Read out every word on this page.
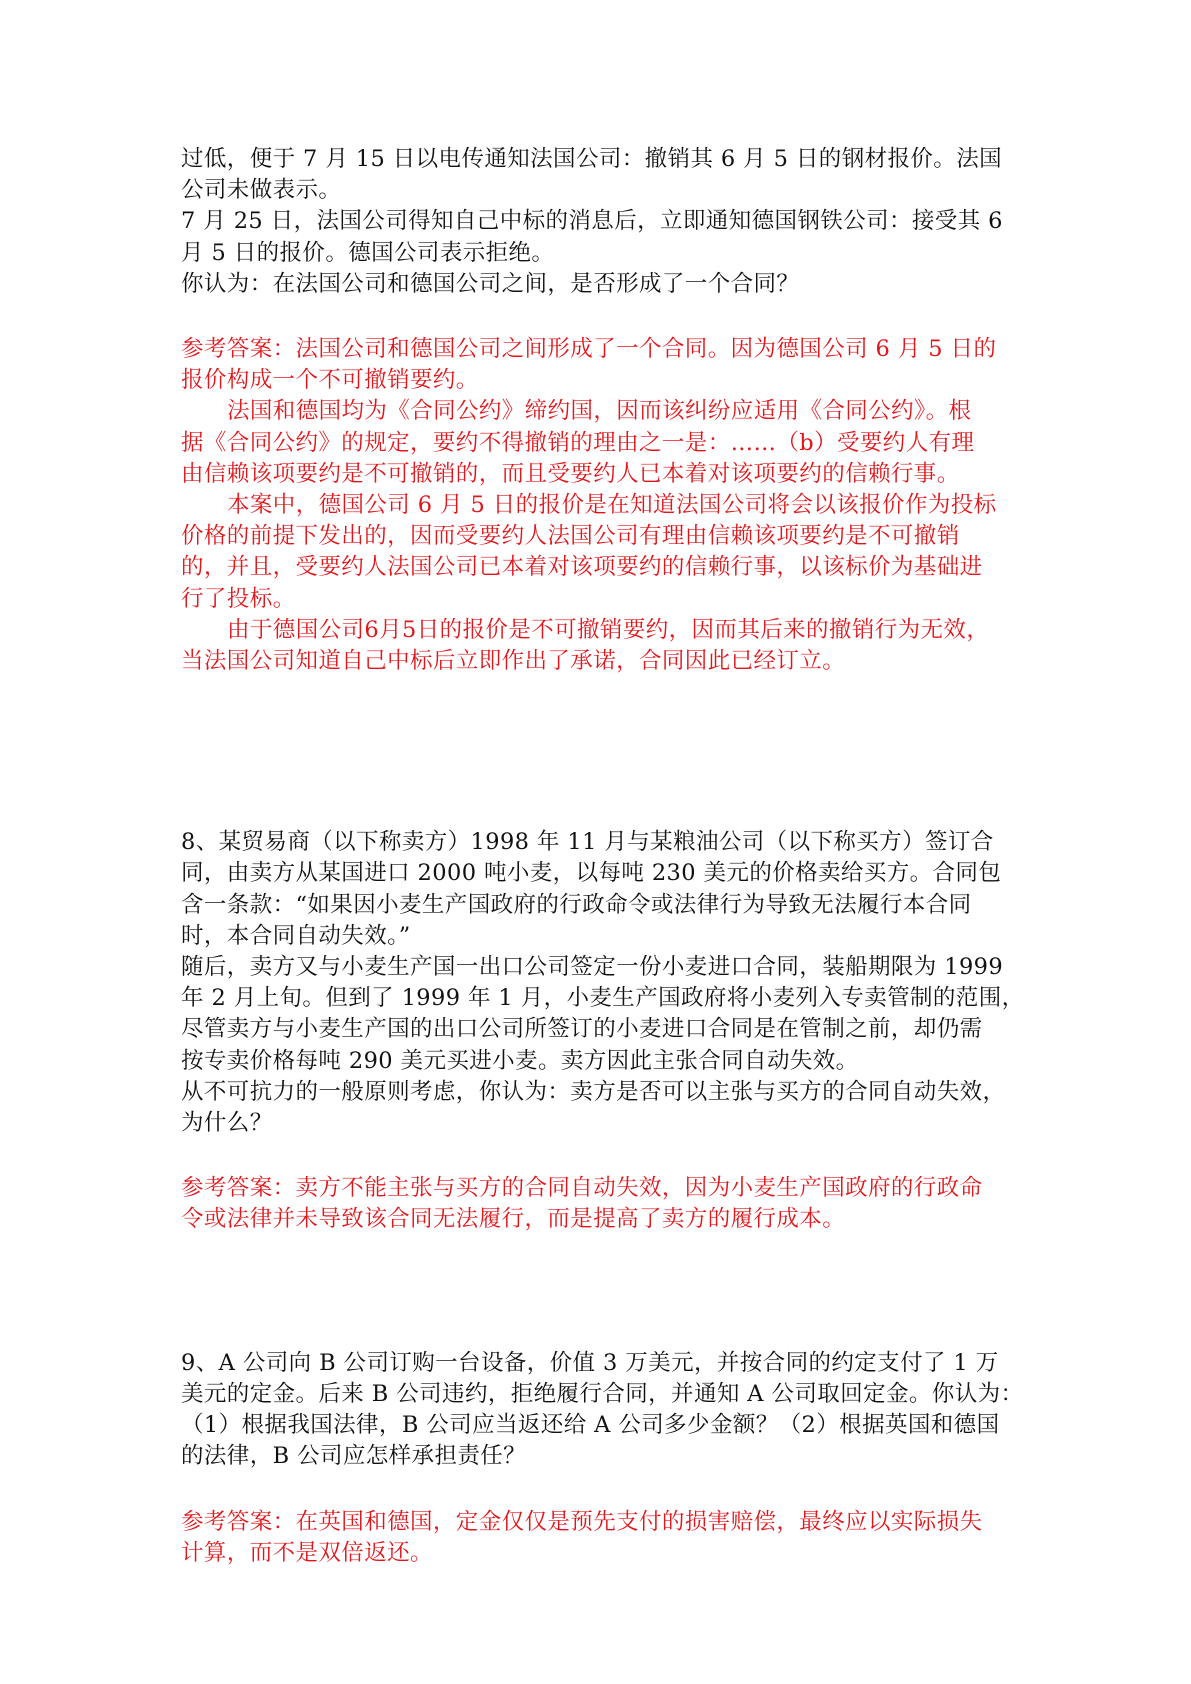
过低，便于 7 月 15 日以电传通知法国公司：撤销其 6 月 5 日的钢材报价。法国
公司未做表示。
7 月 25 日，法国公司得知自己中标的消息后，立即通知德国钢铁公司：接受其 6
月 5 日的报价。德国公司表示拒绝。
你认为：在法国公司和德国公司之间，是否形成了一个合同？
参考答案：法国公司和德国公司之间形成了一个合同。因为德国公司 6 月 5 日的
报价构成一个不可撤销要约。
法国和德国均为《合同公约》缔约国，因而该纠纷应适用《合同公约》。根
据《合同公约》的规定，要约不得撤销的理由之一是：……（b）受要约人有理
由信赖该项要约是不可撤销的，而且受要约人已本着对该项要约的信赖行事。
本案中，德国公司 6 月 5 日的报价是在知道法国公司将会以该报价作为投标
价格的前提下发出的，因而受要约人法国公司有理由信赖该项要约是不可撤销
的，并且，受要约人法国公司已本着对该项要约的信赖行事，以该标价为基础进
行了投标。
由于德国公司6月5日的报价是不可撤销要约，因而其后来的撤销行为无效，
当法国公司知道自己中标后立即作出了承诺，合同因此已经订立。
8、某贸易商（以下称卖方）1998 年 11 月与某粮油公司（以下称买方）签订合
同，由卖方从某国进口 2000 吨小麦，以每吨 230 美元的价格卖给买方。合同包
含一条款：“如果因小麦生产国政府的行政命令或法律行为导致无法履行本合同
时，本合同自动失效。”
随后，卖方又与小麦生产国一出口公司签定一份小麦进口合同，装船期限为 1999
年 2 月上旬。但到了 1999 年 1 月，小麦生产国政府将小麦列入专卖管制的范围，
尽管卖方与小麦生产国的出口公司所签订的小麦进口合同是在管制之前，却仍需
按专卖价格每吨 290 美元买进小麦。卖方因此主张合同自动失效。
从不可抗力的一般原则考虑，你认为：卖方是否可以主张与买方的合同自动失效，
为什么？
参考答案：卖方不能主张与买方的合同自动失效，因为小麦生产国政府的行政命
令或法律并未导致该合同无法履行，而是提高了卖方的履行成本。
9、A 公司向 B 公司订购一台设备，价值 3 万美元，并按合同的约定支付了 1 万
美元的定金。后来 B 公司违约，拒绝履行合同，并通知 A 公司取回定金。你认为：
（1）根据我国法律，B 公司应当返还给 A 公司多少金额？（2）根据英国和德国
的法律，B 公司应怎样承担责任？
参考答案：在英国和德国，定金仅仅是预先支付的损害赔偿，最终应以实际损失
计算，而不是双倍返还。
